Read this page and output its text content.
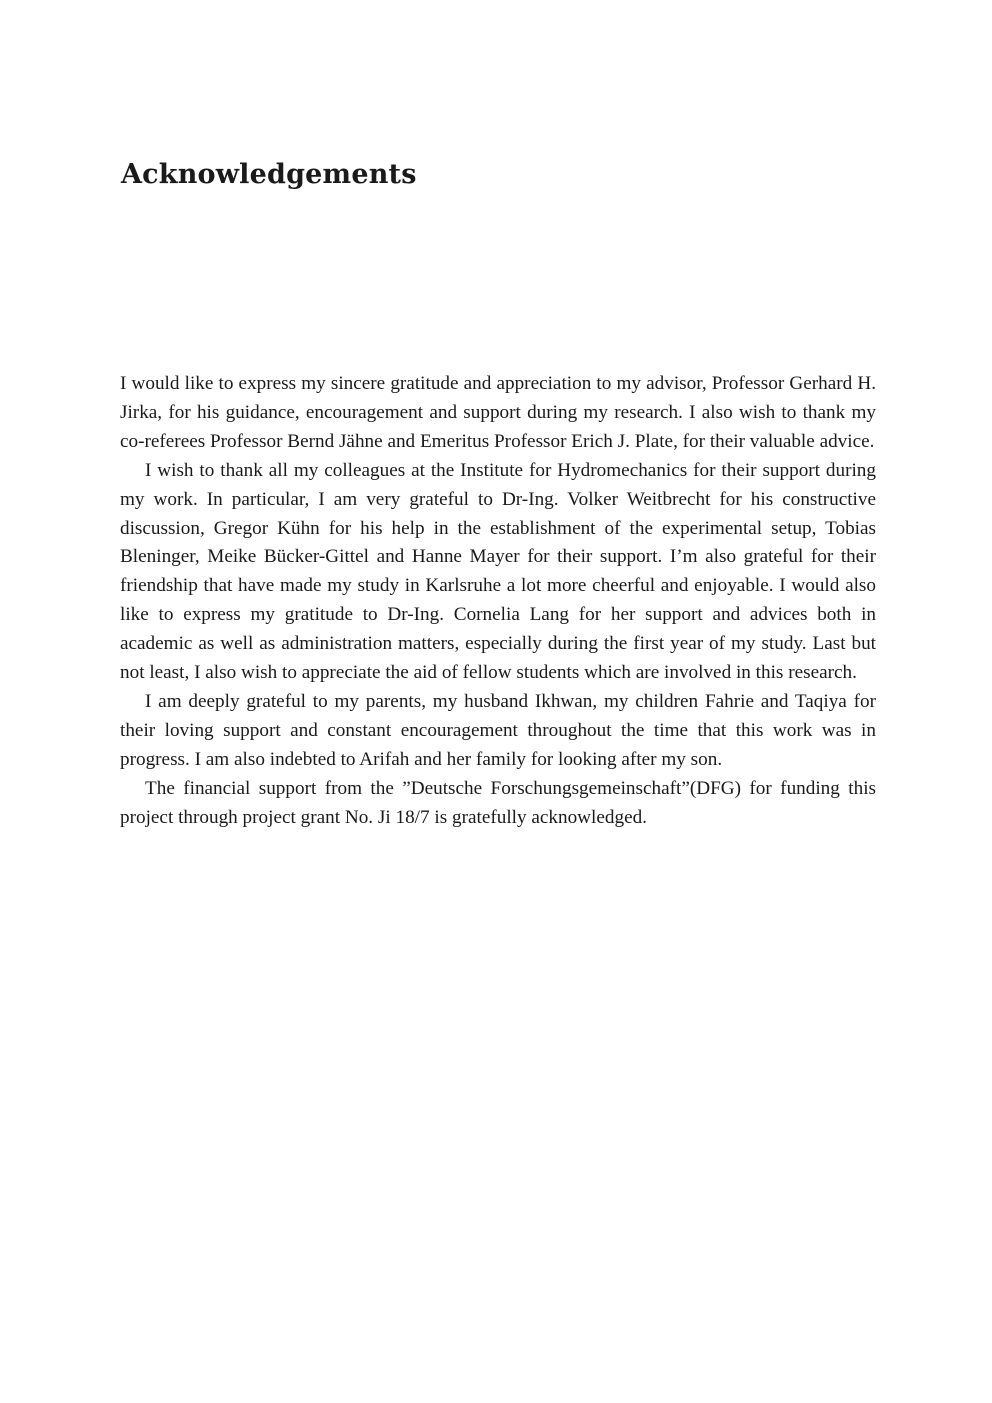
Acknowledgements

I would like to express my sincere gratitude and appreciation to my advisor, Professor Gerhard H. Jirka, for his guidance, encouragement and support during my research. I also wish to thank my co-referees Professor Bernd Jähne and Emeritus Professor Erich J. Plate, for their valuable advice.

I wish to thank all my colleagues at the Institute for Hydromechanics for their support during my work. In particular, I am very grateful to Dr-Ing. Volker Weitbrecht for his constructive discussion, Gregor Kühn for his help in the establishment of the experimental setup, Tobias Bleninger, Meike Bücker-Gittel and Hanne Mayer for their support. I’m also grateful for their friendship that have made my study in Karlsruhe a lot more cheerful and enjoyable. I would also like to express my gratitude to Dr-Ing. Cornelia Lang for her support and advices both in academic as well as administration matters, especially during the first year of my study. Last but not least, I also wish to appreciate the aid of fellow students which are involved in this research.

I am deeply grateful to my parents, my husband Ikhwan, my children Fahrie and Taqiya for their loving support and constant encouragement throughout the time that this work was in progress. I am also indebted to Arifah and her family for looking after my son.

The financial support from the ”Deutsche Forschungsgemeinschaft”(DFG) for funding this project through project grant No. Ji 18/7 is gratefully acknowledged.
